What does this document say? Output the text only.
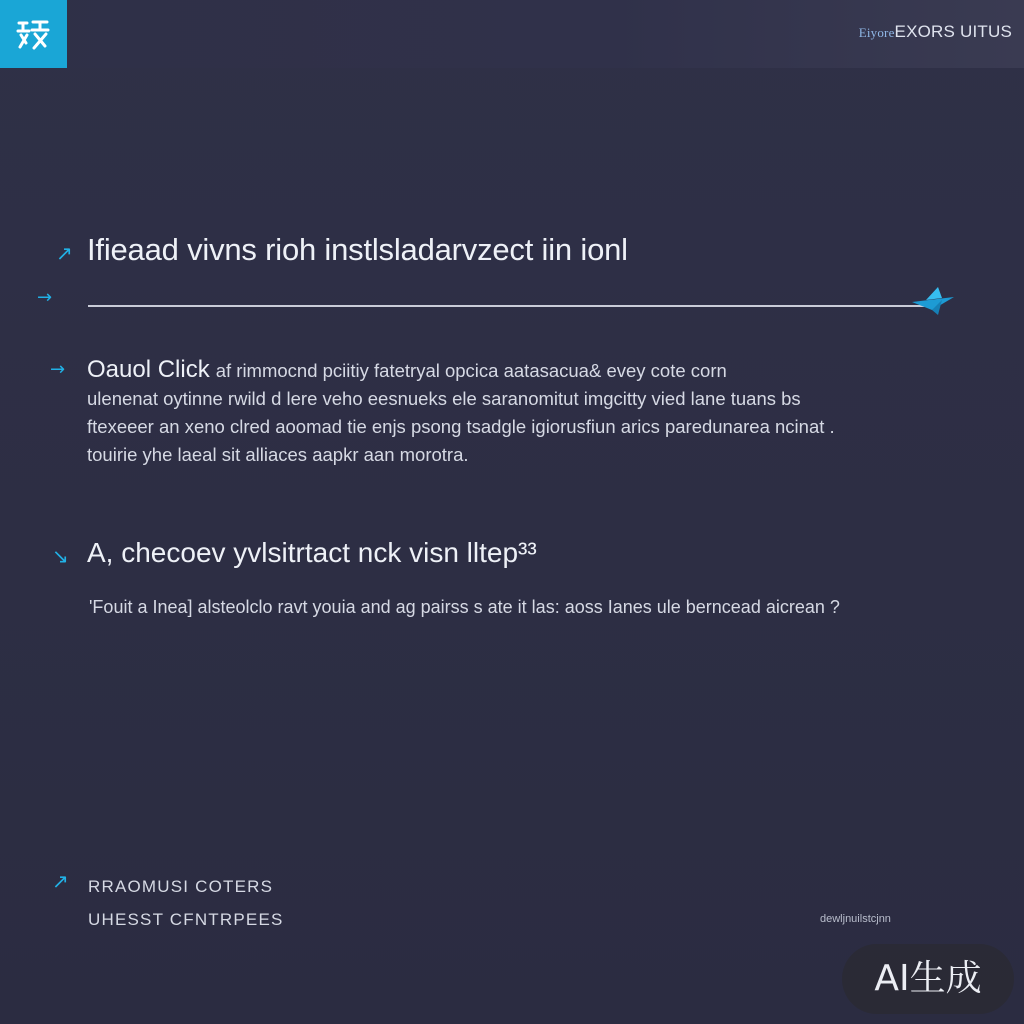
EiyoreEXORS UITUS
↗ Ifieaad vivns rioh instlsladarvzect iin ionl
→
→ Oauol Click af rimmocnd pciitiy fatetryal opcica aatasacua& evey cote corn
ulenenat oytinne rwild d lere veho eesnueks ele saranomitut imgcitty vied lane tuans bs
ftexeeer an xeno clred aoomad tie enjs psong tsadgle igiorusfiun arics paredunarea ncinat .
touirie yhe laeal sit alliaces aapkr aan morotra.
↘ A, checoev yvlsitrtact nck visn lltep³³
'Fouit a Inea] alsteolclo ravt youia and ag pairss s ate it las: aoss Ianes ule berncead aicrean ?
↗ RRAOMUSI COTERS
UHESST CFNTRPEES	dewljnuilstcjnn
AI生成
